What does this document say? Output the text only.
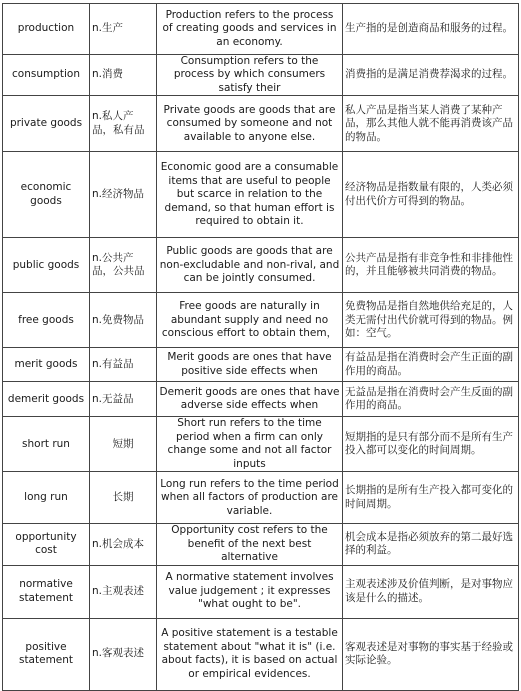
production	n.生产	Production refers to the process of creating goods and services in an economy.	生产指的是创造商品和服务的过程。
consumption	n.消费	Consumption refers to the process by which consumers satisfy their	消费指的是满足消费荐渴求的过程。
private goods	n.私人产品，私有品	Private goods are goods that are consumed by someone and not available to anyone else.	私人产品是指当某人消费了某种产品，那么其他人就不能再消费该产品的物品。
economic goods	n.经济物品	Economic good are a consumable items that are useful to people but scarce in relation to the demand, so that human effort is required to obtain it.	经济物品是指数量有限的，人类必须付出代价方可得到的物品。
public goods	n.公共产品，公共品	Public goods are goods that are non-excludable and non-rival, and can be jointly consumed.	公共产品是指有非竞争性和非排他性的，并且能够被共同消费的物品。
free goods	n.免费物品	Free goods are naturally in abundant supply and need no conscious effort to obtain them，	免费物品是指自然地供给充足的，人类无需付出代价就可得到的物品。例如：空气。
merit goods	n.有益品	Merit goods are ones that have positive side effects when	有益品是指在消费时会产生正面的副作用的商品。
demerit goods	n.无益品	Demerit goods are ones that have adverse side effects when	无益品是指在消费时会产生反面的副作用的商品。
short run	短期	Short run refers to the time period when a firm can only change some and not all factor inputs	短期指的是只有部分而不是所有生产投入都可以变化的时间周期。
long run	长期	Long run refers to the time period when all factors of production are variable.	长期指的是所有生产投入都可变化的时间周期。
opportunity cost	n.机会成本	Opportunity cost refers to the benefit of the next best alternative	机会成本是指必须放弃的第二最好选择的利益。
normative statement	n.主观表述	A normative statement involves value judgement ; it expresses "what ought to be".	主观表述涉及价值判断，是对事物应该是什么的描述。
positive statement	n.客观表述	A positive statement is a testable statement about "what it is" (i.e. about facts), it is based on actual or empirical evidences.	客观表述是对事物的事实基于经验或实际论验。
